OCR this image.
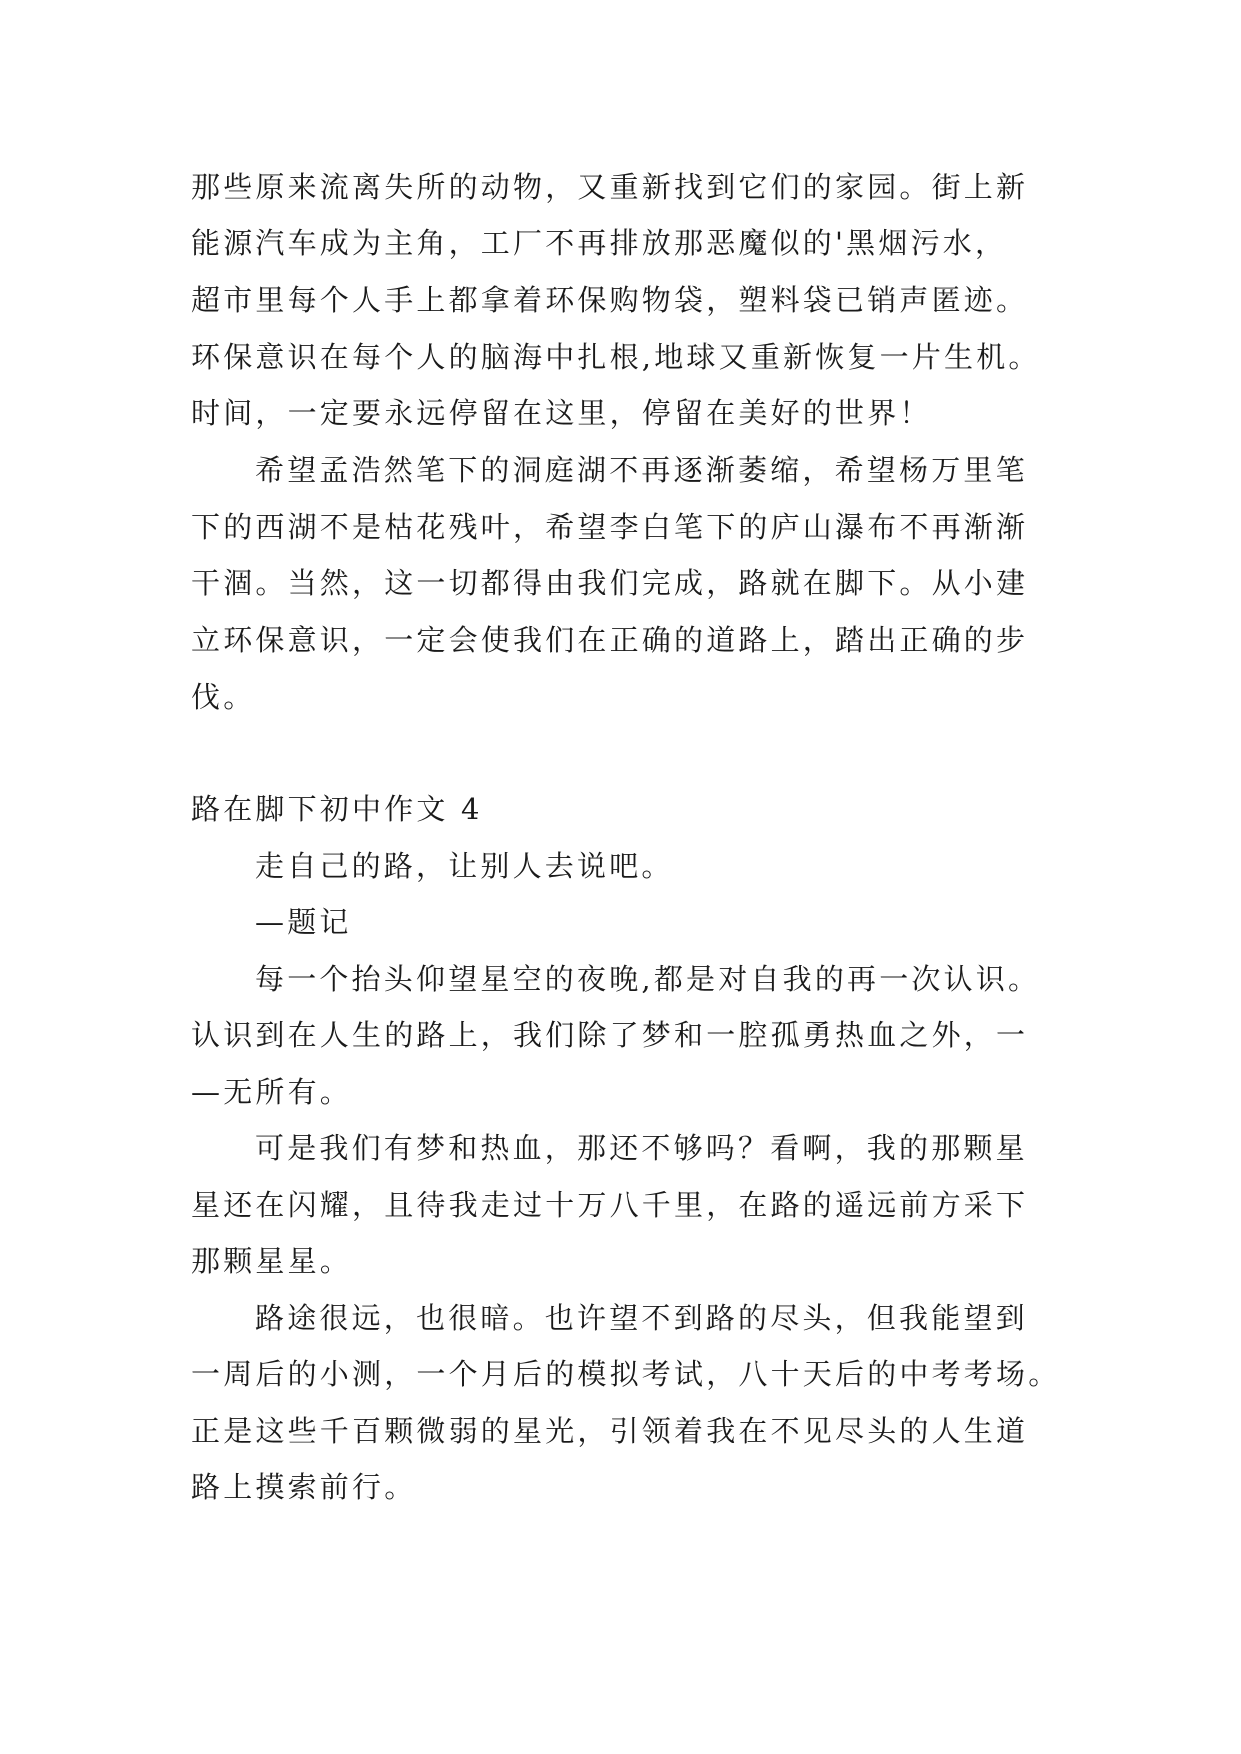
那些原来流离失所的动物，又重新找到它们的家园。街上新

能源汽车成为主角，工厂不再排放那恶魔似的'黑烟污水，

超市里每个人手上都拿着环保购物袋，塑料袋已销声匿迹。

环保意识在每个人的脑海中扎根,地球又重新恢复一片生机。

时间，一定要永远停留在这里，停留在美好的世界！

希望孟浩然笔下的洞庭湖不再逐渐萎缩，希望杨万里笔

下的西湖不是枯花残叶，希望李白笔下的庐山瀑布不再渐渐

干涸。当然，这一切都得由我们完成，路就在脚下。从小建

立环保意识，一定会使我们在正确的道路上，踏出正确的步

伐。

路在脚下初中作文 4

走自己的路，让别人去说吧。

—题记

每一个抬头仰望星空的夜晚,都是对自我的再一次认识。

认识到在人生的路上，我们除了梦和一腔孤勇热血之外，一

—无所有。

可是我们有梦和热血，那还不够吗？看啊，我的那颗星

星还在闪耀，且待我走过十万八千里，在路的遥远前方采下

那颗星星。

路途很远，也很暗。也许望不到路的尽头，但我能望到

一周后的小测，一个月后的模拟考试，八十天后的中考考场。

正是这些千百颗微弱的星光，引领着我在不见尽头的人生道

路上摸索前行。
